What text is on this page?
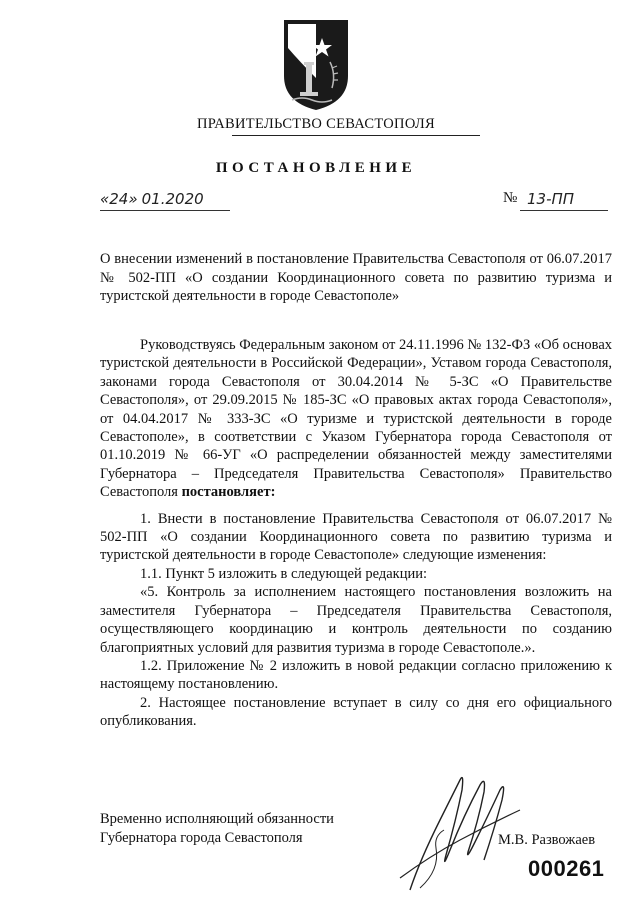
ПРАВИТЕЛЬСТВО СЕВАСТОПОЛЯ
ПОСТАНОВЛЕНИЕ
«24» 01.2020	№ 13-ПП
О внесении изменений в постановление Правительства Севастополя от 06.07.2017 № 502-ПП «О создании Координационного совета по развитию туризма и туристской деятельности в городе Севастополе»

Руководствуясь Федеральным законом от 24.11.1996 № 132-ФЗ «Об основах туристской деятельности в Российской Федерации», Уставом города Севастополя, законами города Севастополя от 30.04.2014 № 5-ЗС «О Правительстве Севастополя», от 29.09.2015 № 185-ЗС «О правовых актах города Севастополя», от 04.04.2017 № 333-ЗС «О туризме и туристской деятельности в городе Севастополе», в соответствии с Указом Губернатора города Севастополя от 01.10.2019 № 66-УГ «О распределении обязанностей между заместителями Губернатора – Председателя Правительства Севастополя» Правительство Севастополя постановляет:

1. Внести в постановление Правительства Севастополя от 06.07.2017 № 502-ПП «О создании Координационного совета по развитию туризма и туристской деятельности в городе Севастополе» следующие изменения:

1.1. Пункт 5 изложить в следующей редакции:

«5. Контроль за исполнением настоящего постановления возложить на заместителя Губернатора – Председателя Правительства Севастополя, осуществляющего координацию и контроль деятельности по созданию благоприятных условий для развития туризма в городе Севастополе.».

1.2. Приложение № 2 изложить в новой редакции согласно приложению к настоящему постановлению.

2. Настоящее постановление вступает в силу со дня его официального опубликования.

Временно исполняющий обязанности
Губернатора города Севастополя	М.В. Развожаев
000261
